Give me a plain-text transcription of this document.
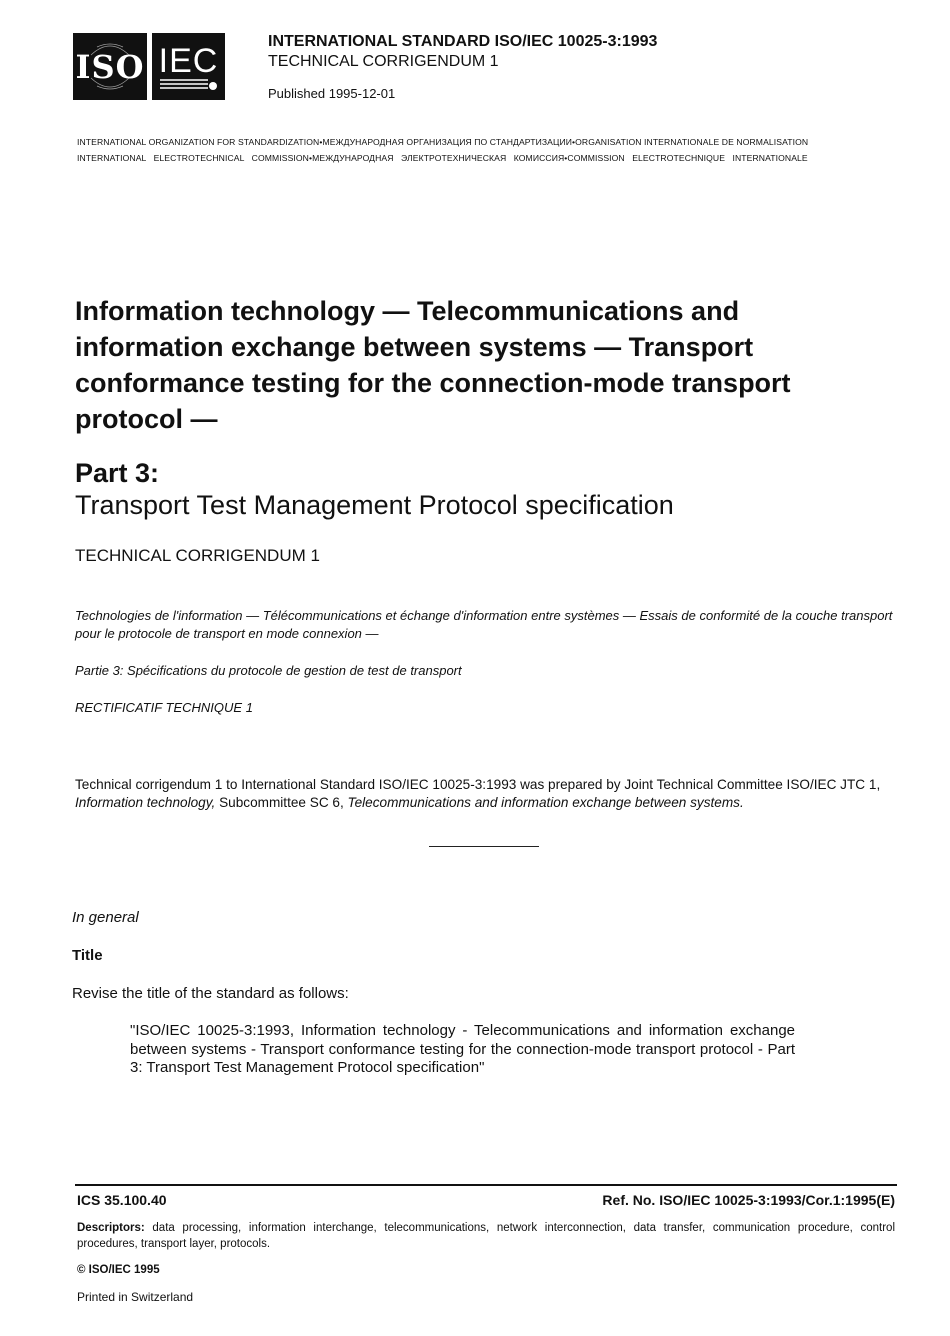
ISO IEC
INTERNATIONAL STANDARD ISO/IEC 10025-3:1993
TECHNICAL CORRIGENDUM 1
Published 1995-12-01
INTERNATIONAL ORGANIZATION FOR STANDARDIZATION•МЕЖДУНАРОДНАЯ ОРГАНИЗАЦИЯ ПО СТАНДАРТИЗАЦИИ•ORGANISATION INTERNATIONALE DE NORMALISATION
INTERNATIONAL ELECTROTECHNICAL COMMISSION•МЕЖДУНАРОДНАЯ ЭЛЕКТРОТЕХНИЧЕСКАЯ КОМИССИЯ•COMMISSION ELECTROTECHNIQUE INTERNATIONALE
Information technology — Telecommunications and information exchange between systems — Transport conformance testing for the connection-mode transport protocol —
Part 3:
Transport Test Management Protocol specification
TECHNICAL CORRIGENDUM 1
Technologies de l'information — Télécommunications et échange d'information entre systèmes — Essais de conformité de la couche transport pour le protocole de transport en mode connexion —
Partie 3: Spécifications du protocole de gestion de test de transport
RECTIFICATIF TECHNIQUE 1
Technical corrigendum 1 to International Standard ISO/IEC 10025-3:1993 was prepared by Joint Technical Committee ISO/IEC JTC 1, Information technology, Subcommittee SC 6, Telecommunications and information exchange between systems.
In general
Title
Revise the title of the standard as follows:
"ISO/IEC 10025-3:1993, Information technology - Telecommunications and information exchange between systems - Transport conformance testing for the connection-mode transport protocol - Part 3: Transport Test Management Protocol specification"
ICS 35.100.40	Ref. No. ISO/IEC 10025-3:1993/Cor.1:1995(E)
Descriptors: data processing, information interchange, telecommunications, network interconnection, data transfer, communication procedure, control procedures, transport layer, protocols.
© ISO/IEC 1995
Printed in Switzerland
